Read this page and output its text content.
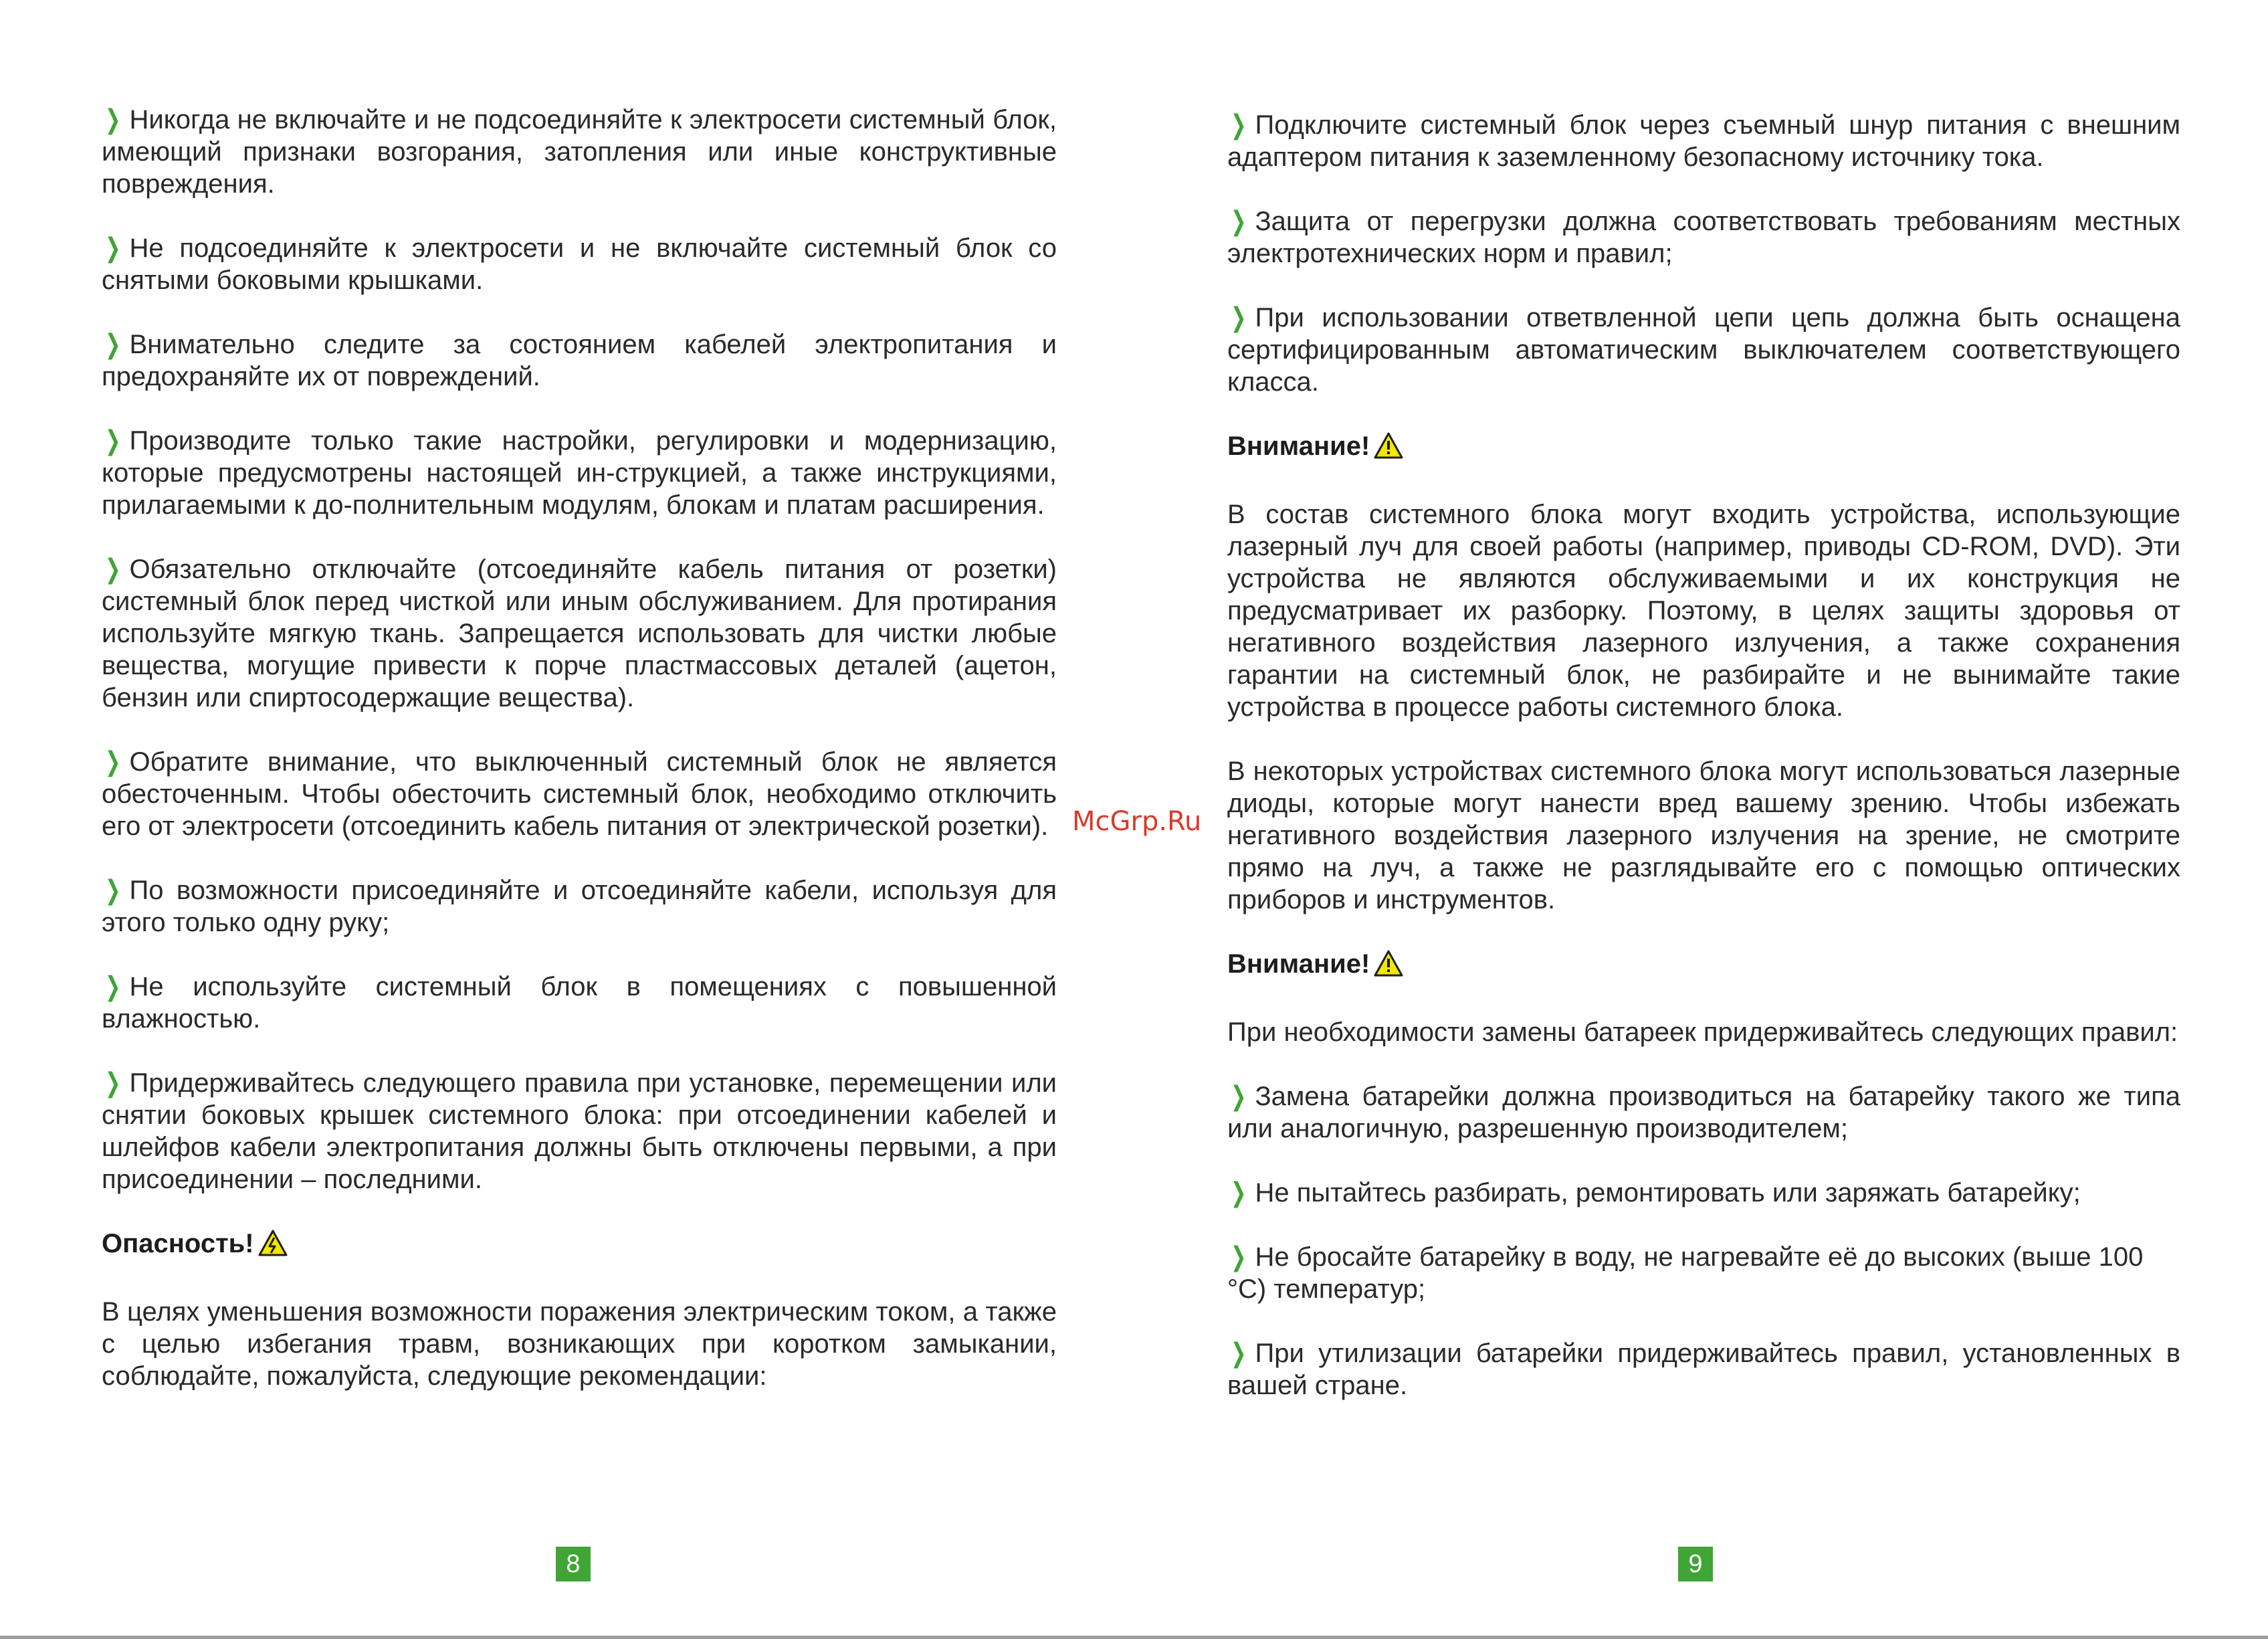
❯ Никогда не включайте и не подсоединяйте к электросети системный блок, имеющий признаки возгорания, затопления или иные конструктивные повреждения.

❯ Не подсоединяйте к электросети и не включайте системный блок со снятыми боковыми крышками.

❯ Внимательно следите за состоянием кабелей электропитания и предохраняйте их от повреждений.

❯ Производите только такие настройки, регулировки и модернизацию, которые предусмотрены настоящей ин-струкцией, а также инструкциями, прилагаемыми к до-полнительным модулям, блокам и платам расширения.

❯ Обязательно отключайте (отсоединяйте кабель питания от розетки) системный блок перед чисткой или иным обслуживанием. Для протирания используйте мягкую ткань. Запрещается использовать для чистки любые вещества, могущие привести к порче пластмассовых деталей (ацетон, бензин или спиртосодержащие вещества).

❯ Обратите внимание, что выключенный системный блок не является обесточенным. Чтобы обесточить системный блок, необходимо отключить его от электросети (отсоединить кабель питания от электрической розетки).

❯ По возможности присоединяйте и отсоединяйте кабели, используя для этого только одну руку;

❯ Не используйте системный блок в помещениях с повышенной влажностью.

❯ Придерживайтесь следующего правила при установке, перемещении или снятии боковых крышек системного блока: при отсоединении кабелей и шлейфов кабели электропитания должны быть отключены первыми, а при присоединении – последними.

Опасность!

В целях уменьшения возможности поражения электрическим током, а также с целью избегания травм, возникающих при коротком замыкании, соблюдайте, пожалуйста, следующие рекомендации:

8
McGrp.Ru

❯ Подключите системный блок через съемный шнур питания с внешним адаптером питания к заземленному безопасному источнику тока.

❯ Защита от перегрузки должна соответствовать требованиям местных электротехнических норм и правил;

❯ При использовании ответвленной цепи цепь должна быть оснащена сертифицированным автоматическим выключателем соответствующего класса.

Внимание!

В состав системного блока могут входить устройства, использующие лазерный луч для своей работы (например, приводы CD-ROM, DVD). Эти устройства не являются обслуживаемыми и их конструкция не предусматривает их разборку. Поэтому, в целях защиты здоровья от негативного воздействия лазерного излучения, а также сохранения гарантии на системный блок, не разбирайте и не вынимайте такие устройства в процессе работы системного блока.

В некоторых устройствах системного блока могут использоваться лазерные диоды, которые могут нанести вред вашему зрению. Чтобы избежать негативного воздействия лазерного излучения на зрение, не смотрите прямо на луч, а также не разглядывайте его с помощью оптических приборов и инструментов.

Внимание!

При необходимости замены батареек придерживайтесь следующих правил:

❯ Замена батарейки должна производиться на батарейку такого же типа или аналогичную, разрешенную производителем;

❯ Не пытайтесь разбирать, ремонтировать или заряжать батарейку;

❯ Не бросайте батарейку в воду, не нагревайте её до высоких (выше 100 °C) температур;

❯ При утилизации батарейки придерживайтесь правил, установленных в вашей стране.

9
